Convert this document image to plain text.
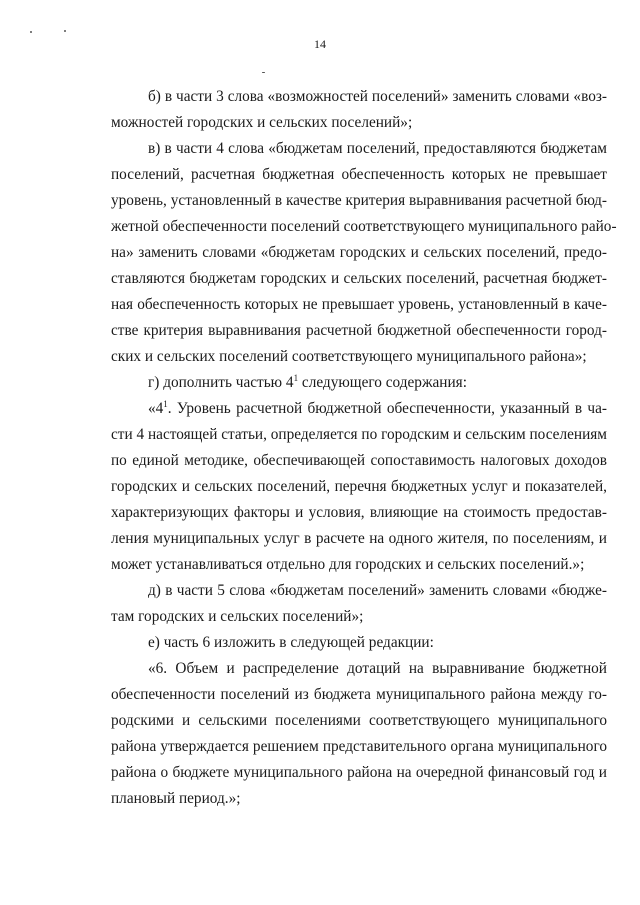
14
б) в части 3 слова «возможностей поселений» заменить словами «воз-
можностей городских и сельских поселений»;
в) в части 4 слова «бюджетам поселений, предоставляются бюджетам
поселений, расчетная бюджетная обеспеченность которых не превышает
уровень, установленный в качестве критерия выравнивания расчетной бюд-
жетной обеспеченности поселений соответствующего муниципального райо-
на» заменить словами «бюджетам городских и сельских поселений, предо-
ставляются бюджетам городских и сельских поселений, расчетная бюджет-
ная обеспеченность которых не превышает уровень, установленный в каче-
стве критерия выравнивания расчетной бюджетной обеспеченности город-
ских и сельских поселений соответствующего муниципального района»;
г) дополнить частью $4^1$ следующего содержания:
«$4^1$. Уровень расчетной бюджетной обеспеченности, указанный в ча-
сти 4 настоящей статьи, определяется по городским и сельским поселениям
по единой методике, обеспечивающей сопоставимость налоговых доходов
городских и сельских поселений, перечня бюджетных услуг и показателей,
характеризующих факторы и условия, влияющие на стоимость предостав-
ления муниципальных услуг в расчете на одного жителя, по поселениям, и
может устанавливаться отдельно для городских и сельских поселений.»;
д) в части 5 слова «бюджетам поселений» заменить словами «бюдже-
там городских и сельских поселений»;
е) часть 6 изложить в следующей редакции:
«6. Объем и распределение дотаций на выравнивание бюджетной
обеспеченности поселений из бюджета муниципального района между го-
родскими и сельскими поселениями соответствующего муниципального
района утверждается решением представительного органа муниципального
района о бюджете муниципального района на очередной финансовый год и
плановый период.»;
